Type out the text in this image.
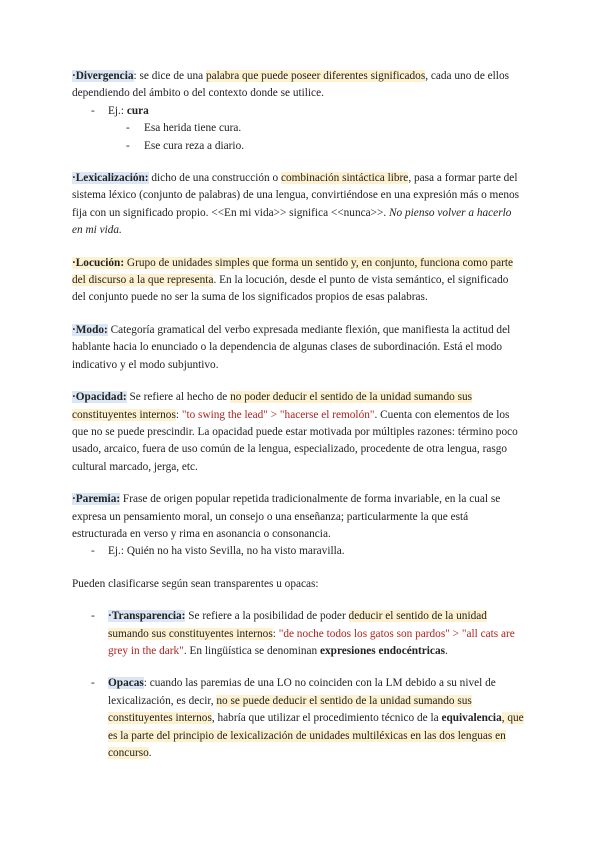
·Divergencia: se dice de una palabra que puede poseer diferentes significados, cada uno de ellos dependiendo del ámbito o del contexto donde se utilice.

- Ej.: cura

- Esa herida tiene cura.

- Ese cura reza a diario.

·Lexicalización: dicho de una construcción o combinación sintáctica libre, pasa a formar parte del sistema léxico (conjunto de palabras) de una lengua, convirtiéndose en una expresión más o menos fija con un significado propio. <<En mi vida>> significa <<nunca>>. No pienso volver a hacerlo en mi vida.

·Locución: Grupo de unidades simples que forma un sentido y, en conjunto, funciona como parte del discurso a la que representa. En la locución, desde el punto de vista semántico, el significado del conjunto puede no ser la suma de los significados propios de esas palabras.

·Modo: Categoría gramatical del verbo expresada mediante flexión, que manifiesta la actitud del hablante hacia lo enunciado o la dependencia de algunas clases de subordinación. Está el modo indicativo y el modo subjuntivo.

·Opacidad: Se refiere al hecho de no poder deducir el sentido de la unidad sumando sus constituyentes internos: "to swing the lead" > "hacerse el remolón". Cuenta con elementos de los que no se puede prescindir. La opacidad puede estar motivada por múltiples razones: término poco usado, arcaico, fuera de uso común de la lengua, especializado, procedente de otra lengua, rasgo cultural marcado, jerga, etc.

·Paremia: Frase de origen popular repetida tradicionalmente de forma invariable, en la cual se expresa un pensamiento moral, un consejo o una enseñanza; particularmente la que está estructurada en verso y rima en asonancia o consonancia.

- Ej.: Quién no ha visto Sevilla, no ha visto maravilla.

Pueden clasificarse según sean transparentes u opacas:

- ·Transparencia: Se refiere a la posibilidad de poder deducir el sentido de la unidad sumando sus constituyentes internos: "de noche todos los gatos son pardos" > "all cats are grey in the dark". En lingüística se denominan expresiones endocéntricas.

- Opacas: cuando las paremias de una LO no coinciden con la LM debido a su nivel de lexicalización, es decir, no se puede deducir el sentido de la unidad sumando sus constituyentes internos, habría que utilizar el procedimiento técnico de la equivalencia, que es la parte del principio de lexicalización de unidades multiléxicas en las dos lenguas en concurso.
